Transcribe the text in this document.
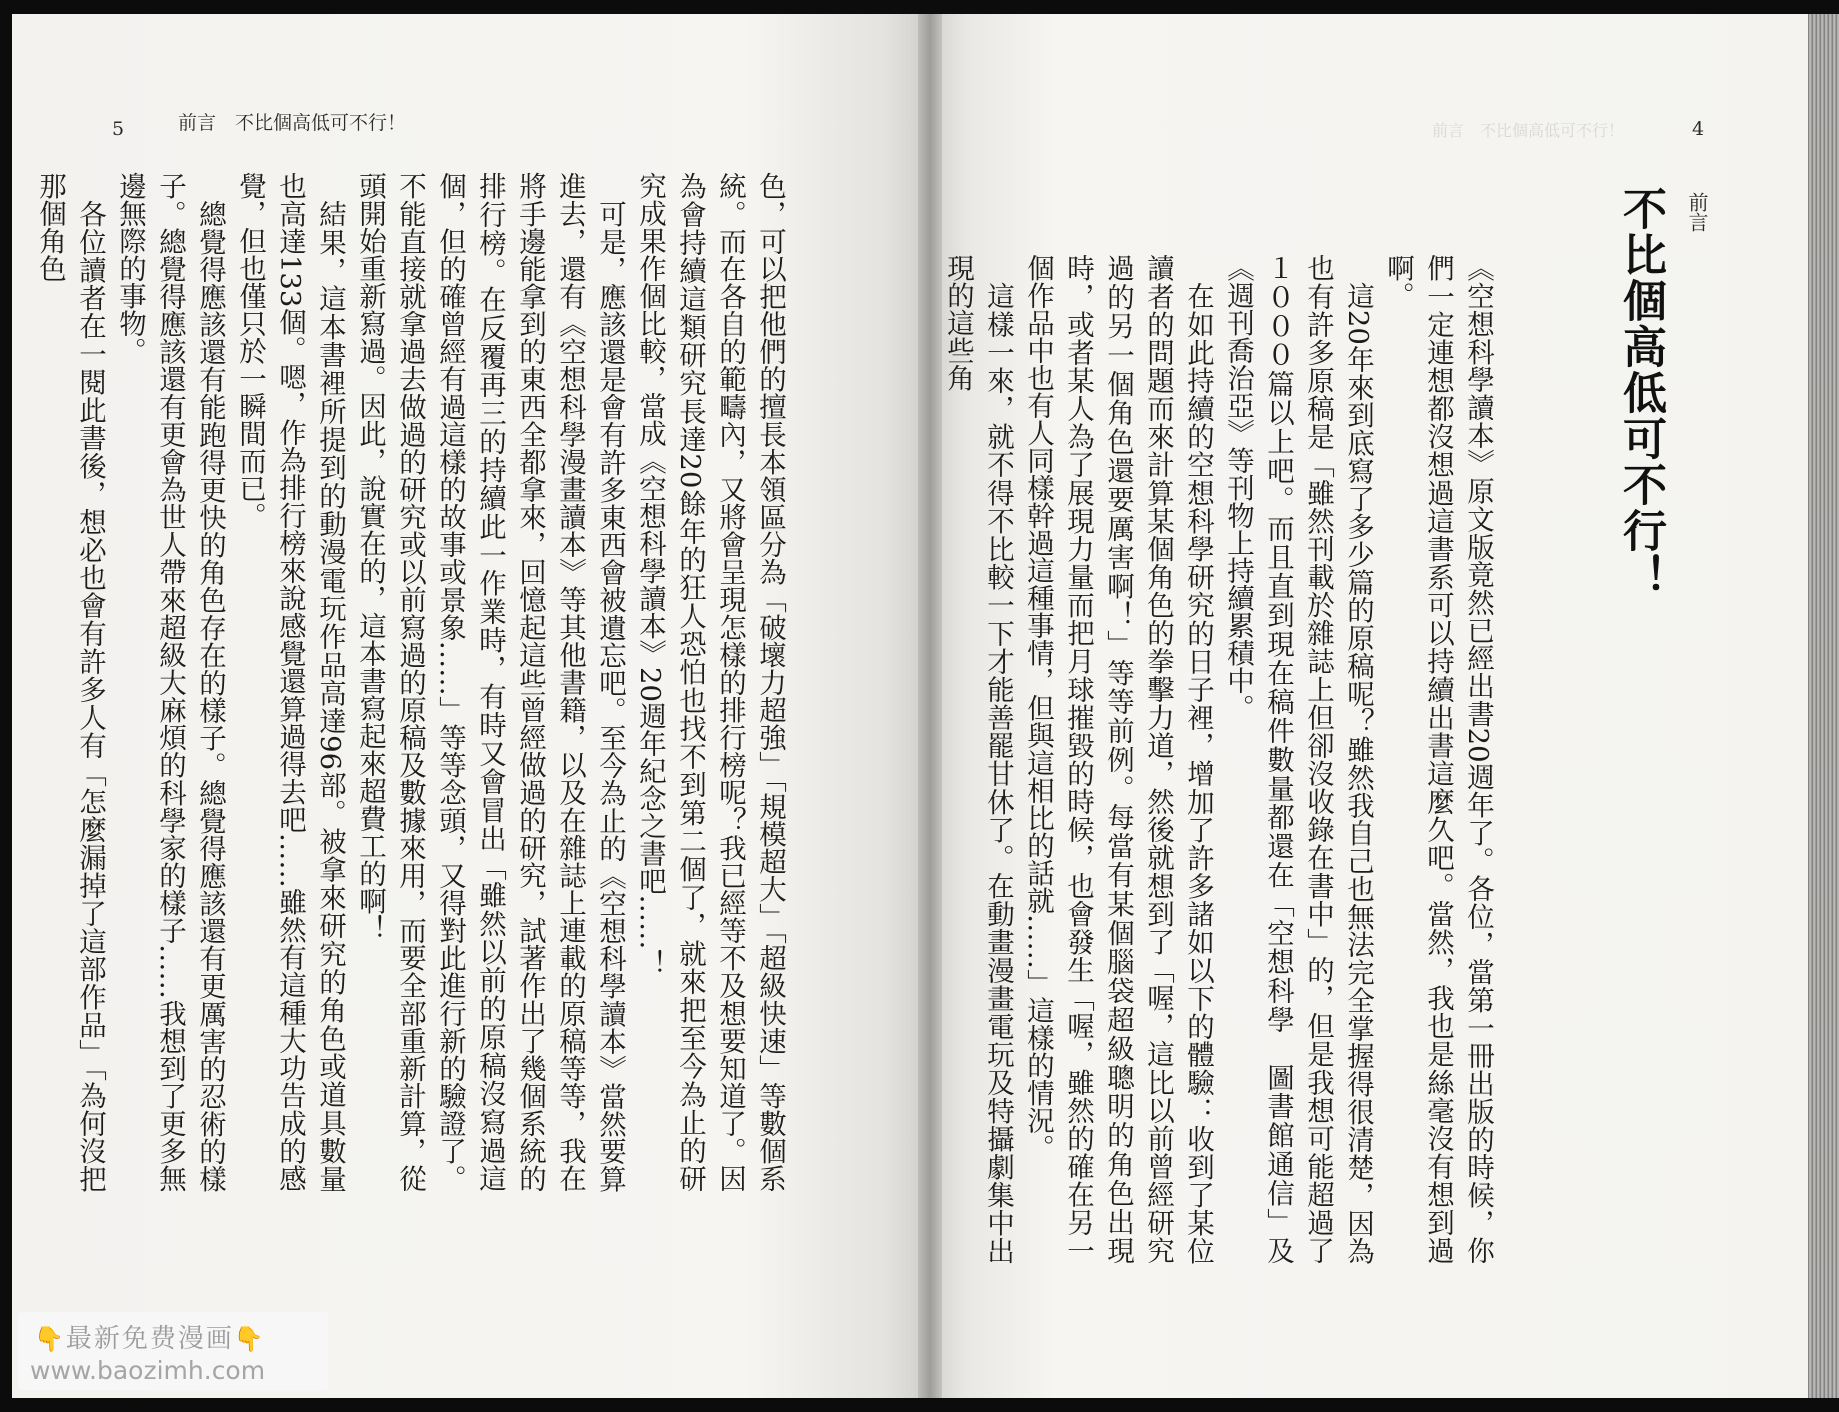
5	前言　不比個高低可不行！

色，可以把他們的擅長本領區分為「破壞力超強」「規模超大」「超級快速」等數個系統。而在各自的範疇內，又將會呈現怎樣的排行榜呢？我已經等不及想要知道了。因為會持續這類研究長達20餘年的狂人恐怕也找不到第二個了，就來把至今為止的研究成果作個比較，當成《空想科學讀本》20週年紀念之書吧……！

可是，應該還是會有許多東西會被遺忘吧。至今為止的《空想科學讀本》當然要算進去，還有《空想科學漫畫讀本》等其他書籍，以及在雜誌上連載的原稿等等，我在將手邊能拿到的東西全都拿來，回憶起這些曾經做過的研究，試著作出了幾個系統的排行榜。在反覆再三的持續此一作業時，有時又會冒出「雖然以前的原稿沒寫過這個，但的確曾經有過這樣的故事或景象……」等等念頭，又得對此進行新的驗證了。不能直接就拿過去做過的研究或以前寫過的原稿及數據來用，而要全部重新計算，從頭開始重新寫過。因此，說實在的，這本書寫起來超費工的啊！

結果，這本書裡所提到的動漫電玩作品高達96部。被拿來研究的角色或道具數量也高達133個。嗯，作為排行榜來說感覺還算過得去吧……雖然有這種大功告成的感覺，但也僅只於一瞬間而已。

總覺得應該還有能跑得更快的角色存在的樣子。總覺得應該還有更厲害的忍術的樣子。總覺得應該還有更會為世人帶來超級大麻煩的科學家的樣子……我想到了更多無邊無際的事物。

各位讀者在一閱此書後，想必也會有許多人有「怎麼漏掉了這部作品」「為何沒把那個角色

前言　不比個高低可不行！	4
前言
不比個高低可不行！

《空想科學讀本》原文版竟然已經出書20週年了。各位，當第一冊出版的時候，你們一定連想都沒想過這書系可以持續出書這麼久吧。當然，我也是絲毫沒有想到過啊。

這20年來到底寫了多少篇的原稿呢？雖然我自己也無法完全掌握得很清楚，因為也有許多原稿是「雖然刊載於雜誌上但卻沒收錄在書中」的，但是我想可能超過了１０００篇以上吧。而且直到現在稿件數量都還在「空想科學　圖書館通信」及《週刊喬治亞》等刊物上持續累積中。

在如此持續的空想科學研究的日子裡，增加了許多諸如以下的體驗：收到了某位讀者的問題而來計算某個角色的拳擊力道，然後就想到了「喔，這比以前曾經研究過的另一個角色還要厲害啊！」等等前例。每當有某個腦袋超級聰明的角色出現時，或者某人為了展現力量而把月球摧毀的時候，也會發生「喔，雖然的確在另一個作品中也有人同樣幹過這種事情，但與這相比的話就……」這樣的情況。

這樣一來，就不得不比較一下才能善罷甘休了。在動畫漫畫電玩及特攝劇集中出現的這些角

👇最新免费漫画👇
www.baozimh.com
